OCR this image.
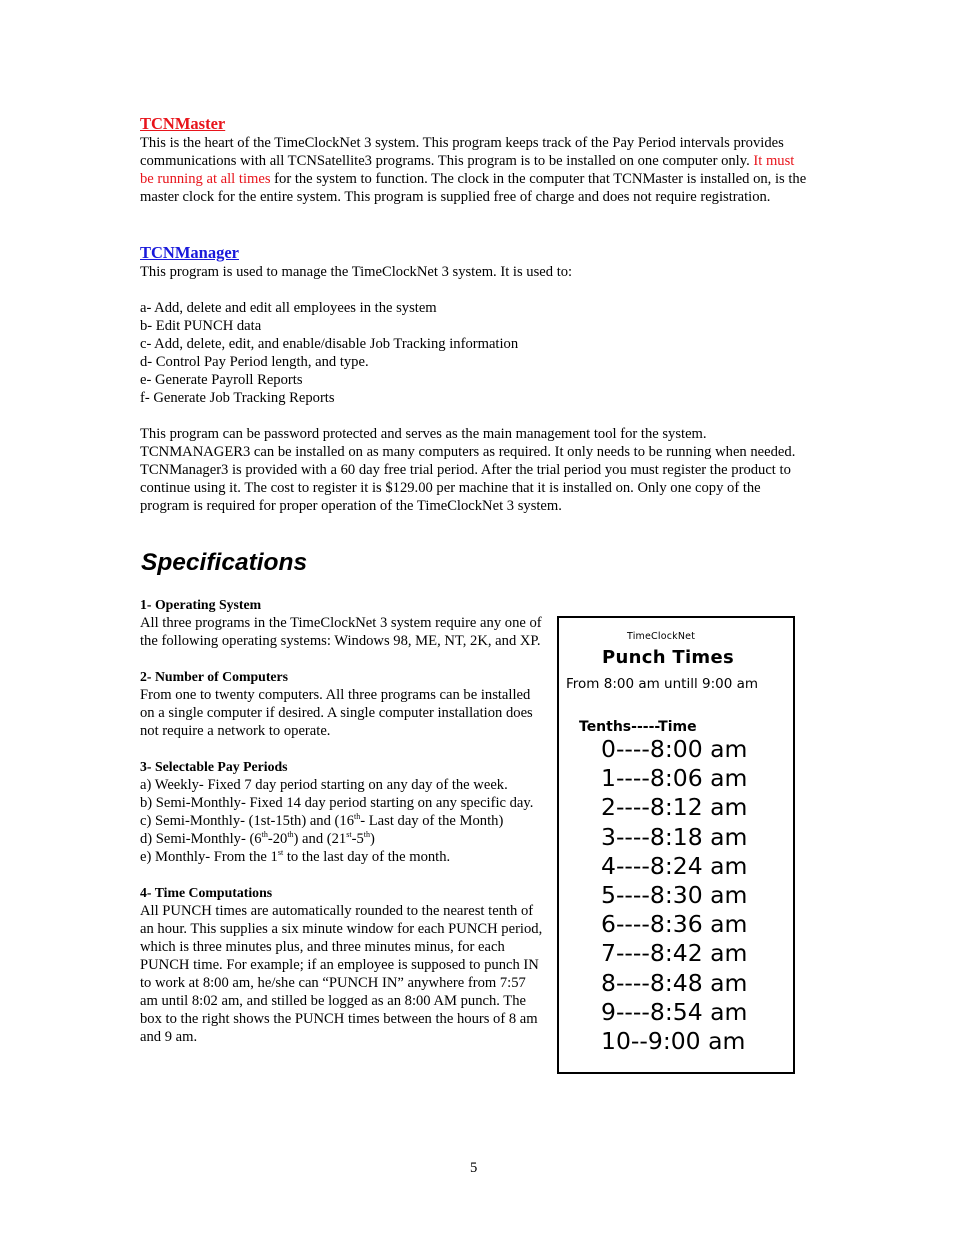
TCNMaster

This is the heart of the TimeClockNet 3 system. This program keeps track of the Pay Period intervals provides communications with all TCNSatellite3 programs. This program is to be installed on one computer only. It must be running at all times for the system to function. The clock in the computer that TCNMaster is installed on, is the master clock for the entire system. This program is supplied free of charge and does not require registration.

TCNManager

This program is used to manage the TimeClockNet 3 system. It is used to:

a- Add, delete and edit all employees in the system
b- Edit PUNCH data
c- Add, delete, edit, and enable/disable Job Tracking information
d- Control Pay Period length, and type.
e- Generate Payroll Reports
f- Generate Job Tracking Reports

This program can be password protected and serves as the main management tool for the system. TCNMANAGER3 can be installed on as many computers as required. It only needs to be running when needed. TCNManager3 is provided with a 60 day free trial period. After the trial period you must register the product to continue using it. The cost to register it is $129.00 per machine that it is installed on. Only one copy of the program is required for proper operation of the TimeClockNet 3 system.

Specifications
1- Operating System

All three programs in the TimeClockNet 3 system require any one of the following operating systems: Windows 98, ME, NT, 2K, and XP.

2- Number of Computers

From one to twenty computers. All three programs can be installed on a single computer if desired. A single computer installation does not require a network to operate.

3- Selectable Pay Periods

a) Weekly- Fixed 7 day period starting on any day of the week.

b) Semi-Monthly- Fixed 14 day period starting on any specific day.

c) Semi-Monthly- (1st-15th) and (16th- Last day of the Month)

d) Semi-Monthly- (6th-20th) and (21st-5th)

e) Monthly- From the 1st to the last day of the month.

4- Time Computations

All PUNCH times are automatically rounded to the nearest tenth of an hour. This supplies a six minute window for each PUNCH period, which is three minutes plus, and three minutes minus, for each PUNCH time. For example; if an employee is supposed to punch IN to work at 8:00 am, he/she can “PUNCH IN” anywhere from 7:57 am until 8:02 am, and stilled be logged as an 8:00 AM punch. The box to the right shows the PUNCH times between the hours of 8 am and 9 am.

TimeClockNet
Punch Times
From 8:00 am untill 9:00 am
Tenths-----Time
0----8:00 am
1----8:06 am
2----8:12 am
3----8:18 am
4----8:24 am
5----8:30 am
6----8:36 am
7----8:42 am
8----8:48 am
9----8:54 am
10--9:00 am
5
